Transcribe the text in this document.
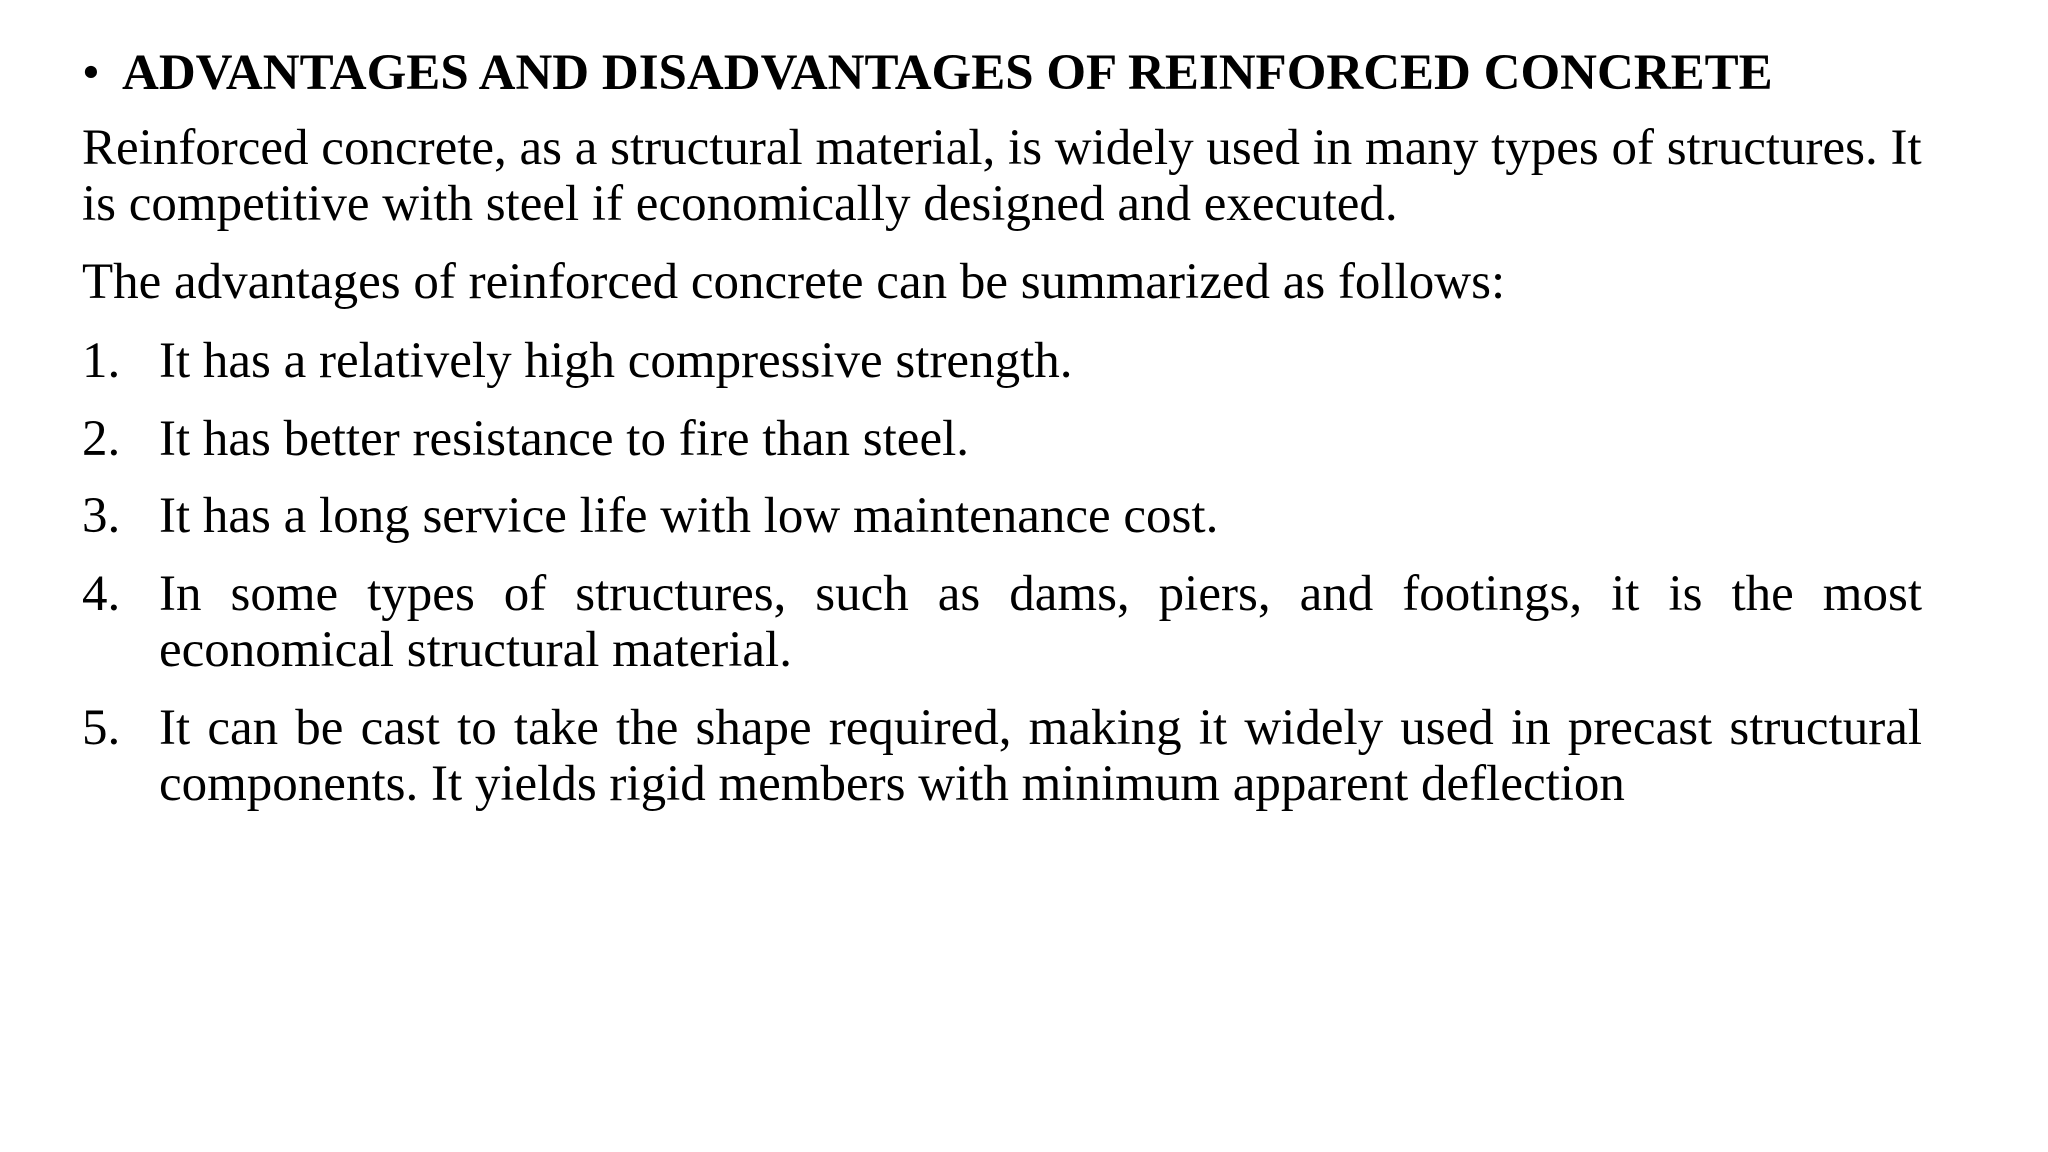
• ADVANTAGES AND DISADVANTAGES OF REINFORCED CONCRETE
Reinforced concrete, as a structural material, is widely used in many types of structures. It is competitive with steel if economically designed and executed.
The advantages of reinforced concrete can be summarized as follows:
1. It has a relatively high compressive strength.
2. It has better resistance to fire than steel.
3. It has a long service life with low maintenance cost.
4. In some types of structures, such as dams, piers, and footings, it is the most economical structural material.
5. It can be cast to take the shape required, making it widely used in precast structural components. It yields rigid members with minimum apparent deflection
